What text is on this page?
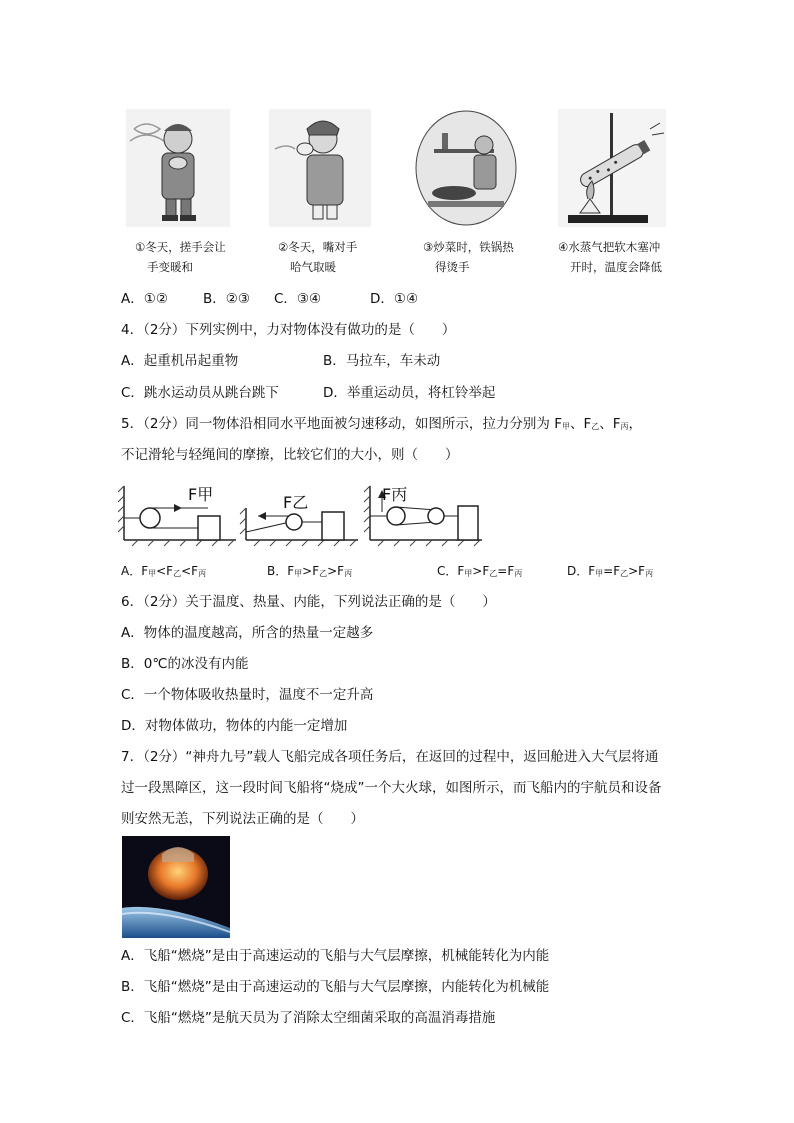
①冬天，搓手会让
手变暖和
②冬天，嘴对手
哈气取暖
③炒菜时，铁锅热
得烫手
④水蒸气把软木塞冲
开时，温度会降低
A．①②	B．②③ C．③④	D．①④
4．（2分）下列实例中，力对物体没有做功的是（　　）
A．起重机吊起重物	B．马拉车，车未动
C．跳水运动员从跳台跳下	D．举重运动员，将杠铃举起
5．（2分）同一物体沿相同水平地面被匀速移动，如图所示，拉力分别为 $F_甲$、$F_乙$、$F_丙$，
不记滑轮与轻绳间的摩擦，比较它们的大小，则（　　）
F甲	F乙	F丙
A．$F_甲<F_乙<F_丙$	B．$F_甲>F_乙>F_丙$	C．$F_甲>F_乙=F_丙$	D．$F_甲=F_乙>F_丙$
6．（2分）关于温度、热量、内能，下列说法正确的是（　　）
A．物体的温度越高，所含的热量一定越多
B．0℃的冰没有内能
C．一个物体吸收热量时，温度不一定升高
D．对物体做功，物体的内能一定增加
7．（2分）“神舟九号”载人飞船完成各项任务后，在返回的过程中，返回舱进入大气层将通
过一段黑障区，这一段时间飞船将“烧成”一个大火球，如图所示，而飞船内的宇航员和设备
则安然无恙，下列说法正确的是（　　）
A．飞船“燃烧”是由于高速运动的飞船与大气层摩擦，机械能转化为内能
B．飞船“燃烧”是由于高速运动的飞船与大气层摩擦，内能转化为机械能
C．飞船“燃烧”是航天员为了消除太空细菌采取的高温消毒措施
